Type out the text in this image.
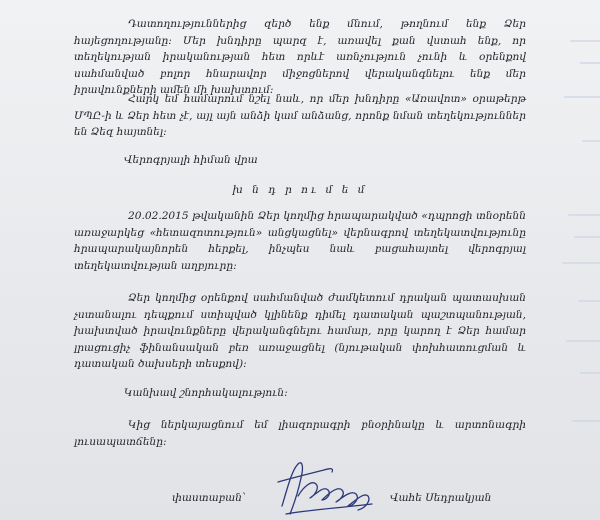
Դատողություններից զերծ ենք մնում, թողնում ենք Ձեր հայեցողությանը: Մեր խնդիրը պարզ է, առավել քան վստահ ենք, որ տեղեկության իրականության հետ որևէ առնչություն չունի և օրենքով սահմանված բոլոր հնարավոր միջոցներով վերականգնելու ենք մեր իրավունքների ամեն մի խախտում:
Հարկ եմ համարում նշել նաև, որ մեր խնդիրը «Առավոտ» օրաթերթ ՄՊԸ-ի և Ձեր հետ չէ, այլ այն անձի կամ անձանց, որոնք նման տեղեկություններ են Ձեզ հայտնել:
Վերոգրյալի հիման վրա
խ ն դ ր ու մ ե մ
20.02.2015 թվականին Ձեր կողմից հրապարակված «դպրոցի տնօրենն առաջարկեց «հետազոտություն» անցկացնել» վերնագրով տեղեկատվությունը հրապարակայնորեն հերքել, ինչպես նաև բացահայտել վերոգրյալ տեղեկատվության աղբյուրը:
Ձեր կողմից օրենքով սահմանված ժամկետում դրական պատասխան չստանալու դեպքում ստիպված կլինենք դիմել դատական պաշտպանության, խախտված իրավունքները վերականգնելու համար, որը կարող է Ձեր համար լրացուցիչ ֆինանսական բեռ առաջացնել (նյութական փոխհատուցման և դատական ծախսերի տեսքով):
Կանխավ շնորհակալություն:
Կից ներկայացնում եմ լիազորագրի բնօրինակը և արտոնագրի լուսապատճենը:
փաստաբան՝	Վահե Սեդրակյան
